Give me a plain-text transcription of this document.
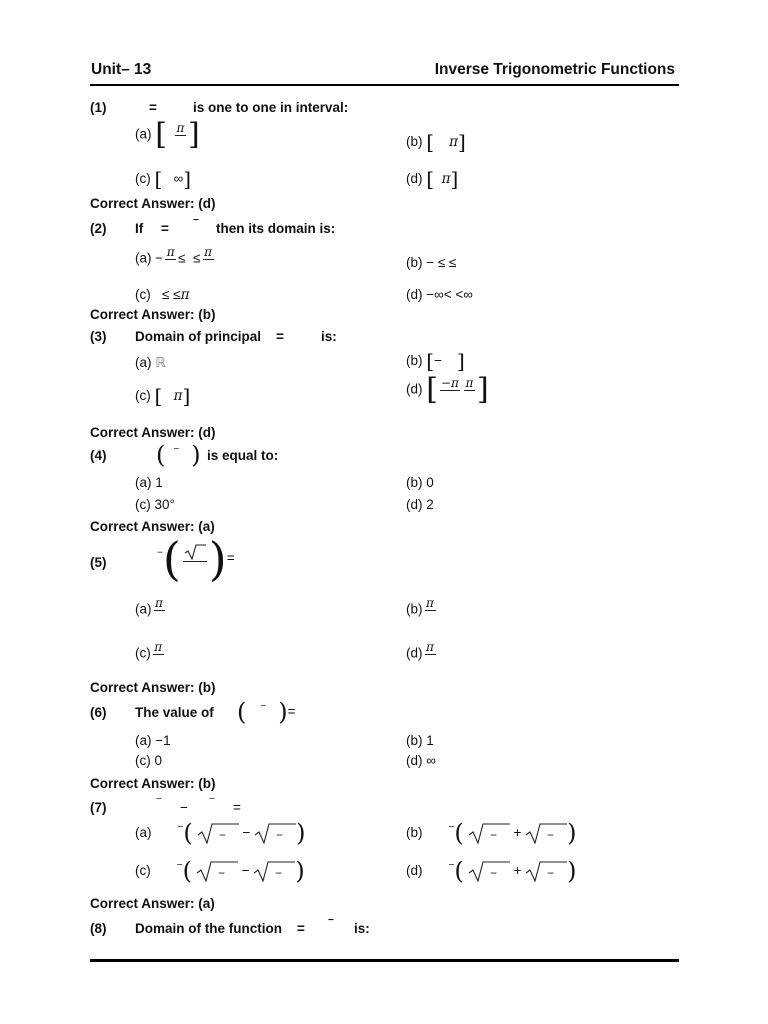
Unit– 13	Inverse Trigonometric Functions
(1)	=	is one to one in interval:
(a) [ π ]	(b) [ π]
(c) [ ∞]	(d) [ π]
Correct Answer: (d)
(2) If =
−
then its domain is:
(a) − π ≤ ≤ π
(b) − ≤ ≤
(c) ≤ ≤π	(d) −∞< <∞
Correct Answer: (b)
(3) Domain of principal =	is:
(a) ℝ	(b) [− ]
(c) [ π]	(d) [ −π π ]
Correct Answer: (d)
(4) ( − ) is equal to:
(a) 1	(b) 0
(c) 30°	(d) 2
Correct Answer: (a)
(5)
−( )=
(a) π	(b) π
(c) π	(d) π
Correct Answer: (b)
(6) The value of ( − )=
(a) −1	(b) 1
(c) 0	(d) ∞
Correct Answer: (b)
(7)
−
−
−
=
(a)	−( − − − )	(b)	−( − + − )
(c)	−( − − − )	(d)	−( − + − )
Correct Answer: (a)
(8) Domain of the function =
−
is:
